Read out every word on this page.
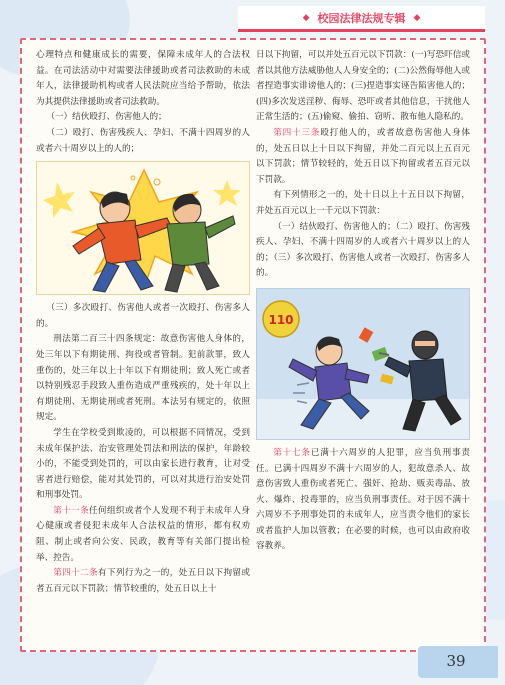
◆ 校园法律法规专辑 ◆

心理特点和健康成长的需要，保障未成年人的合法权益。在司法活动中对需要法律援助或者司法救助的未成年人，法律援助机构或者人民法院应当给予帮助，依法为其提供法律援助或者司法救助。

（一）结伙殴打、伤害他人的；

（二）殴打、伤害残疾人、孕妇、不满十四周岁的人或者六十周岁以上的人的；

（三）多次殴打、伤害他人或者一次殴打、伤害多人的。

刑法第二百三十四条规定：故意伤害他人身体的，处三年以下有期徒刑、拘役或者管制。犯前款罪，致人重伤的，处三年以上十年以下有期徒刑；致人死亡或者以特别残忍手段致人重伤造成严重残疾的，处十年以上有期徒刑、无期徒刑或者死刑。本法另有规定的，依照规定。

学生在学校受到欺凌的，可以根据不同情况，受到未成年保护法、治安管理处罚法和刑法的保护，年龄较小的，不能受到处罚的，可以由家长进行教育，让对受害者进行赔偿，能对其处罚的，可以对其进行治安处罚和刑事处罚。

第十一条任何组织或者个人发现不利于未成年人身心健康或者侵犯未成年人合法权益的情形，都有权劝阻、制止或者向公安、民政，教育等有关部门提出检举、控告。

第四十二条有下列行为之一的，处五日以下拘留或者五百元以下罚款；情节较重的，处五日以上十

日以下拘留，可以并处五百元以下罚款：(一)写恐吓信或者以其他方法威胁他人人身安全的；(二)公然侮辱他人或者捏造事实诽谤他人的；(三)捏造事实诬告陷害他人的；(四)多次发送淫秽、侮辱、恐吓或者其他信息，干扰他人正常生活的；(五)偷窥、偷拍、窃听、散布他人隐私的。

第四十三条殴打他人的，或者故意伤害他人身体的，处五日以上十日以下拘留，并处二百元以上五百元以下罚款；情节较轻的，处五日以下拘留或者五百元以下罚款。

有下列情形之一的，处十日以上十五日以下拘留，并处五百元以上一千元以下罚款：

（一）结伙殴打、伤害他人的；（二）殴打、伤害残疾人、孕妇、不满十四周岁的人或者六十周岁以上的人的；（三）多次殴打、伤害他人或者一次殴打、伤害多人的。

110

第十七条已满十六周岁的人犯罪，应当负刑事责任。已满十四周岁不满十六周岁的人，犯故意杀人、故意伤害致人重伤或者死亡、强奸、抢劫、贩卖毒品、放火、爆炸、投毒罪的，应当负刑事责任。对于因不满十六周岁不予刑事处罚的未成年人，应当责令他们的家长或者监护人加以管教；在必要的时候，也可以由政府收容教养。

39
